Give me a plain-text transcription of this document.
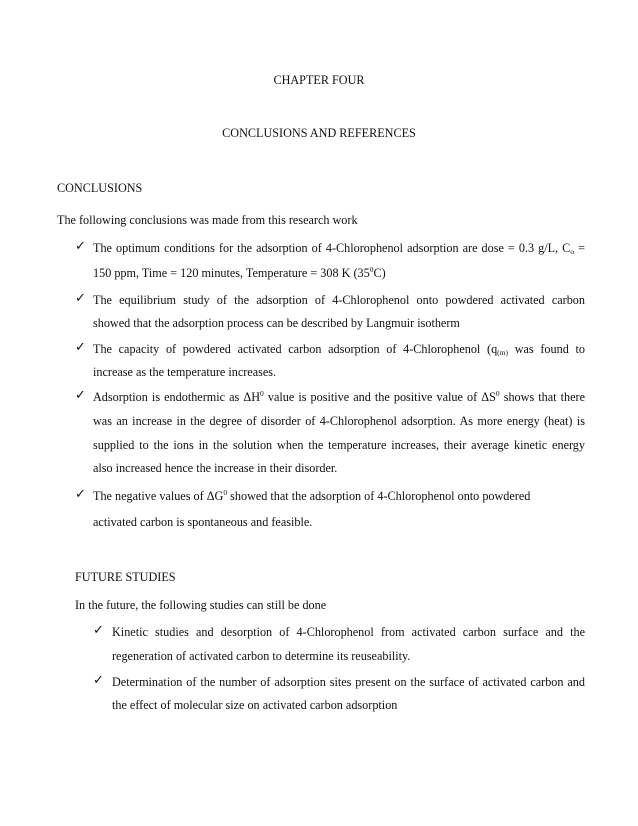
CHAPTER FOUR
CONCLUSIONS AND REFERENCES
CONCLUSIONS
The following conclusions was made from this research work
✓ The optimum conditions for the adsorption of 4-Chlorophenol adsorption are dose = 0.3 g/L, $C_o$ =
150 ppm, Time = 120 minutes, Temperature = 308 K $(35^0C)$
✓ The equilibrium study of the adsorption of 4-Chlorophenol onto powdered activated carbon
showed that the adsorption process can be described by Langmuir isotherm
✓ The capacity of powdered activated carbon adsorption of 4-Chlorophenol ($q_{(m)}$ was found to
increase as the temperature increases.
✓ Adsorption is endothermic as $\Delta H^0$ value is positive and the positive value of $\Delta S^0$ shows that there
was an increase in the degree of disorder of 4-Chlorophenol adsorption. As more energy (heat) is
supplied to the ions in the solution when the temperature increases, their average kinetic energy
also increased hence the increase in their disorder.
✓ The negative values of $\Delta G^0$ showed that the adsorption of 4-Chlorophenol onto powdered
activated carbon is spontaneous and feasible.
FUTURE STUDIES
In the future, the following studies can still be done
✓ Kinetic studies and desorption of 4-Chlorophenol from activated carbon surface and the
regeneration of activated carbon to determine its reuseability.
✓ Determination of the number of adsorption sites present on the surface of activated carbon and
the effect of molecular size on activated carbon adsorption
